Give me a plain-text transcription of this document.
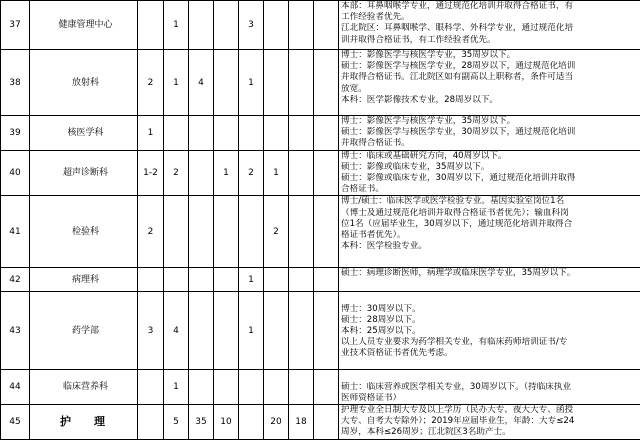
37	健康管理中心		1			3				本部：耳鼻咽喉学专业，通过规范化培训并取得合格证书，有
工作经验者优先。
江北院区：耳鼻咽喉学、眼科学、外科学专业，通过规范化培
训并取得合格证书，有工作经验者优先。

38	放射科	2	1	4		1				博士：影像医学与核医学专业，35周岁以下。
硕士：影像医学与核医学专业，28周岁以下，通过规范化培训
并取得合格证书。江北院区如有副高以上职称者，条件可适当
放宽。
本科：医学影像技术专业，28周岁以下。

39	核医学科	1								博士：影像医学与核医学专业，35周岁以下。
硕士：影像医学与核医学专业，30周岁以下，通过规范化培训
并取得合格证书。

40	超声诊断科	1-2	2		1	2	1			博士：临床或基础研究方向，40周岁以下。
硕士：影像或临床专业，35周岁以下。
硕士：影像或临床专业，30周岁以下，通过规范化培训并取得
合格证书。

41	检验科	2					2			博士/硕士：临床医学或医学检验专业。基因实验室岗位1名
（博士及通过规范化培训并取得合格证书者优先）；输血科岗
位1名（应届毕业生，30周岁以下，通过规范化培训并取得合
格证书者优先）。
本科：医学检验专业。

42	病理科					1				硕士：病理诊断医师，病理学或临床医学专业，35周岁以下。

43	药学部	3	4			1				博士：30周岁以下。
硕士：28周岁以下。
本科：25周岁以下。
以上人员专业要求为药学相关专业，有临床药师培训证书/专
业技术资格证书者优先考虑。

44	临床营养科		1							硕士：临床营养或医学相关专业，30周岁以下。（持临床执业
医师资格证书）

45	护　理		5	35	10		20	18		护理专业全日制大专及以上学历（民办大专、夜大大专、函授
大专、自考大专除外）；2019年应届毕业生，年龄：大专≤24
周岁，本科≤26周岁；江北院区3名助产士。
